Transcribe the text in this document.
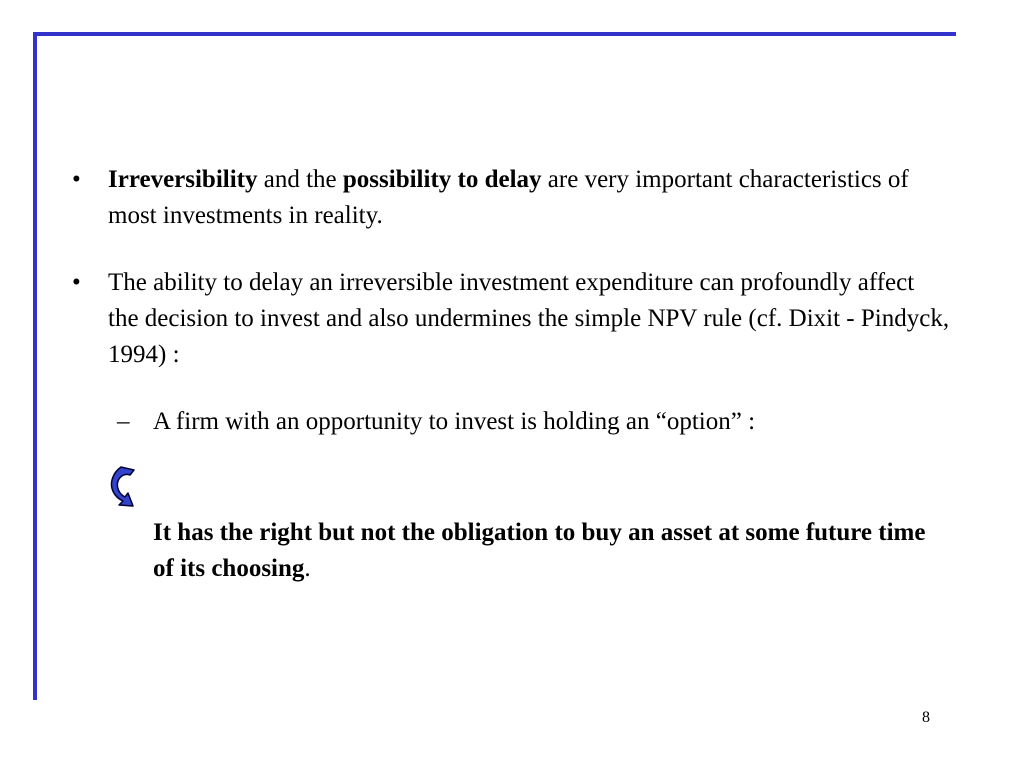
• Irreversibility and the possibility to delay are very important characteristics of most investments in reality.

• The ability to delay an irreversible investment expenditure can profoundly affect the decision to invest and also undermines the simple NPV rule (cf. Dixit - Pindyck, 1994) :

– A firm with an opportunity to invest is holding an “option” :

It has the right but not the obligation to buy an asset at some future time of its choosing.

8
